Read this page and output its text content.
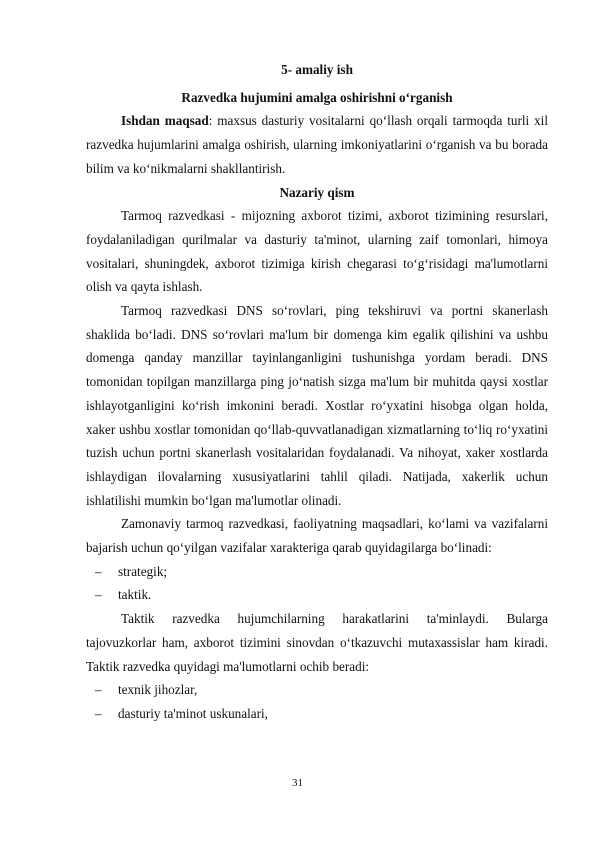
5- amaliy ish
Razvedka hujumini amalga oshirishni o‘rganish

Ishdan maqsad: maxsus dasturiy vositalarni qo‘llash orqali tarmoqda turli xil razvedka hujumlarini amalga oshirish, ularning imkoniyatlarini o‘rganish va bu borada bilim va ko‘nikmalarni shakllantirish.

Nazariy qism

Tarmoq razvedkasi - mijozning axborot tizimi, axborot tizimining resurslari, foydalaniladigan qurilmalar va dasturiy ta'minot, ularning zaif tomonlari, himoya vositalari, shuningdek, axborot tizimiga kirish chegarasi to‘g‘risidagi ma'lumotlarni olish va qayta ishlash.

Tarmoq razvedkasi DNS so‘rovlari, ping tekshiruvi va portni skanerlash shaklida bo‘ladi. DNS so‘rovlari ma'lum bir domenga kim egalik qilishini va ushbu domenga qanday manzillar tayinlanganligini tushunishga yordam beradi. DNS tomonidan topilgan manzillarga ping jo‘natish sizga ma'lum bir muhitda qaysi xostlar ishlayotganligini ko‘rish imkonini beradi. Xostlar ro‘yxatini hisobga olgan holda, xaker ushbu xostlar tomonidan qo‘llab-quvvatlanadigan xizmatlarning to‘liq ro‘yxatini tuzish uchun portni skanerlash vositalaridan foydalanadi. Va nihoyat, xaker xostlarda ishlaydigan ilovalarning xususiyatlarini tahlil qiladi. Natijada, xakerlik uchun ishlatilishi mumkin bo‘lgan ma'lumotlar olinadi.

Zamonaviy tarmoq razvedkasi, faoliyatning maqsadlari, ko‘lami va vazifalarni bajarish uchun qo‘yilgan vazifalar xarakteriga qarab quyidagilarga bo‘linadi:

– strategik;
– taktik.

Taktik razvedka hujumchilarning harakatlarini ta'minlaydi. Bularga tajovuzkorlar ham, axborot tizimini sinovdan o‘tkazuvchi mutaxassislar ham kiradi. Taktik razvedka quyidagi ma'lumotlarni ochib beradi:

– texnik jihozlar,
– dasturiy ta'minot uskunalari,
31
